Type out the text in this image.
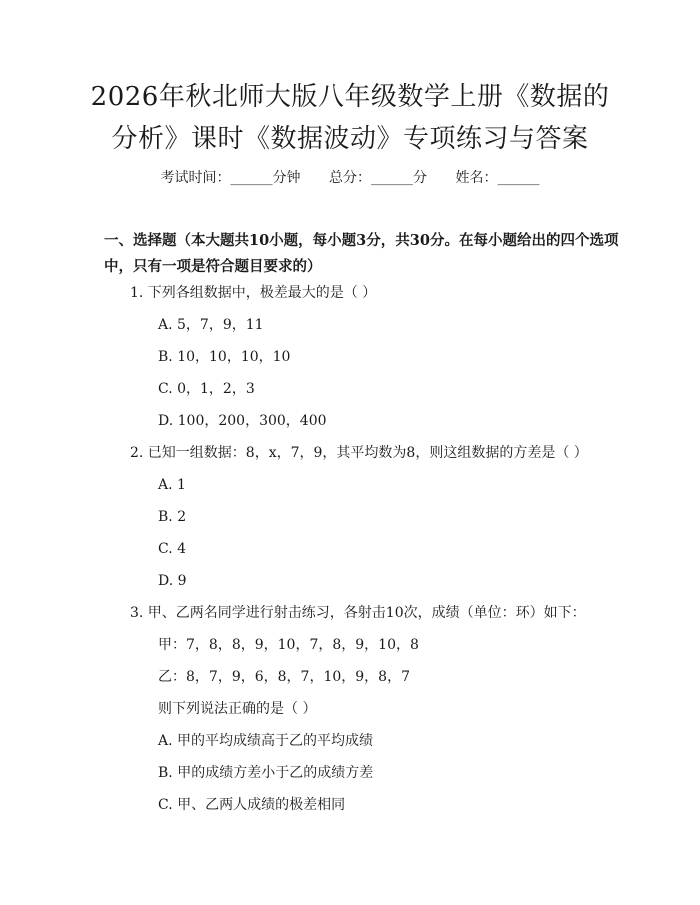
2026年秋北师大版八年级数学上册《数据的
分析》课时《数据波动》专项练习与答案
考试时间：______分钟 总分：______分 姓名：______

一、选择题（本大题共10小题，每小题3分，共30分。在每小题给出的四个选项中，只有一项是符合题目要求的）

1. 下列各组数据中，极差最大的是（ ）
A. 5，7，9，11
B. 10，10，10，10
C. 0，1，2，3
D. 100，200，300，400
2. 已知一组数据：8，x，7，9，其平均数为8，则这组数据的方差是（ ）
A. 1
B. 2
C. 4
D. 9
3. 甲、乙两名同学进行射击练习，各射击10次，成绩（单位：环）如下：
甲：7，8，8，9，10，7，8，9，10，8
乙：8，7，9，6，8，7，10，9，8，7
则下列说法正确的是（ ）
A. 甲的平均成绩高于乙的平均成绩
B. 甲的成绩方差小于乙的成绩方差
C. 甲、乙两人成绩的极差相同
